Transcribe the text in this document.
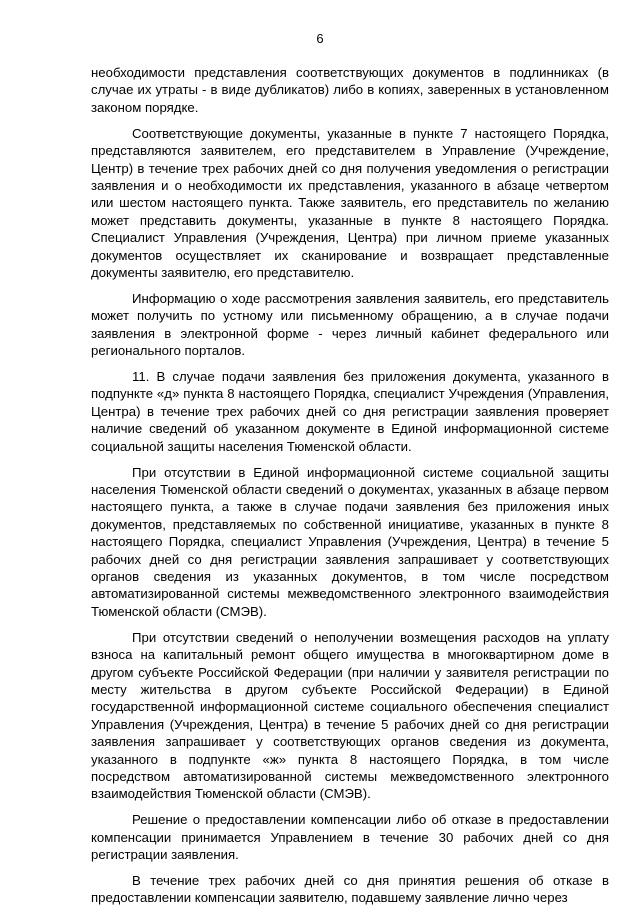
6

необходимости представления соответствующих документов в подлинниках (в случае их утраты - в виде дубликатов) либо в копиях, заверенных в установленном законом порядке.

Соответствующие документы, указанные в пункте 7 настоящего Порядка, представляются заявителем, его представителем в Управление (Учреждение, Центр) в течение трех рабочих дней со дня получения уведомления о регистрации заявления и о необходимости их представления, указанного в абзаце четвертом или шестом настоящего пункта. Также заявитель, его представитель по желанию может представить документы, указанные в пункте 8 настоящего Порядка. Специалист Управления (Учреждения, Центра) при личном приеме указанных документов осуществляет их сканирование и возвращает представленные документы заявителю, его представителю.

Информацию о ходе рассмотрения заявления заявитель, его представитель может получить по устному или письменному обращению, а в случае подачи заявления в электронной форме - через личный кабинет федерального или регионального порталов.

11. В случае подачи заявления без приложения документа, указанного в подпункте «д» пункта 8 настоящего Порядка, специалист Учреждения (Управления, Центра) в течение трех рабочих дней со дня регистрации заявления проверяет наличие сведений об указанном документе в Единой информационной системе социальной защиты населения Тюменской области.

При отсутствии в Единой информационной системе социальной защиты населения Тюменской области сведений о документах, указанных в абзаце первом настоящего пункта, а также в случае подачи заявления без приложения иных документов, представляемых по собственной инициативе, указанных в пункте 8 настоящего Порядка, специалист Управления (Учреждения, Центра) в течение 5 рабочих дней со дня регистрации заявления запрашивает у соответствующих органов сведения из указанных документов, в том числе посредством автоматизированной системы межведомственного электронного взаимодействия Тюменской области (СМЭВ).

При отсутствии сведений о неполучении возмещения расходов на уплату взноса на капитальный ремонт общего имущества в многоквартирном доме в другом субъекте Российской Федерации (при наличии у заявителя регистрации по месту жительства в другом субъекте Российской Федерации) в Единой государственной информационной системе социального обеспечения специалист Управления (Учреждения, Центра) в течение 5 рабочих дней со дня регистрации заявления запрашивает у соответствующих органов сведения из документа, указанного в подпункте «ж» пункта 8 настоящего Порядка, в том числе посредством автоматизированной системы межведомственного электронного взаимодействия Тюменской области (СМЭВ).

Решение о предоставлении компенсации либо об отказе в предоставлении компенсации принимается Управлением в течение 30 рабочих дней со дня регистрации заявления.

В течение трех рабочих дней со дня принятия решения об отказе в предоставлении компенсации заявителю, подавшему заявление лично через
